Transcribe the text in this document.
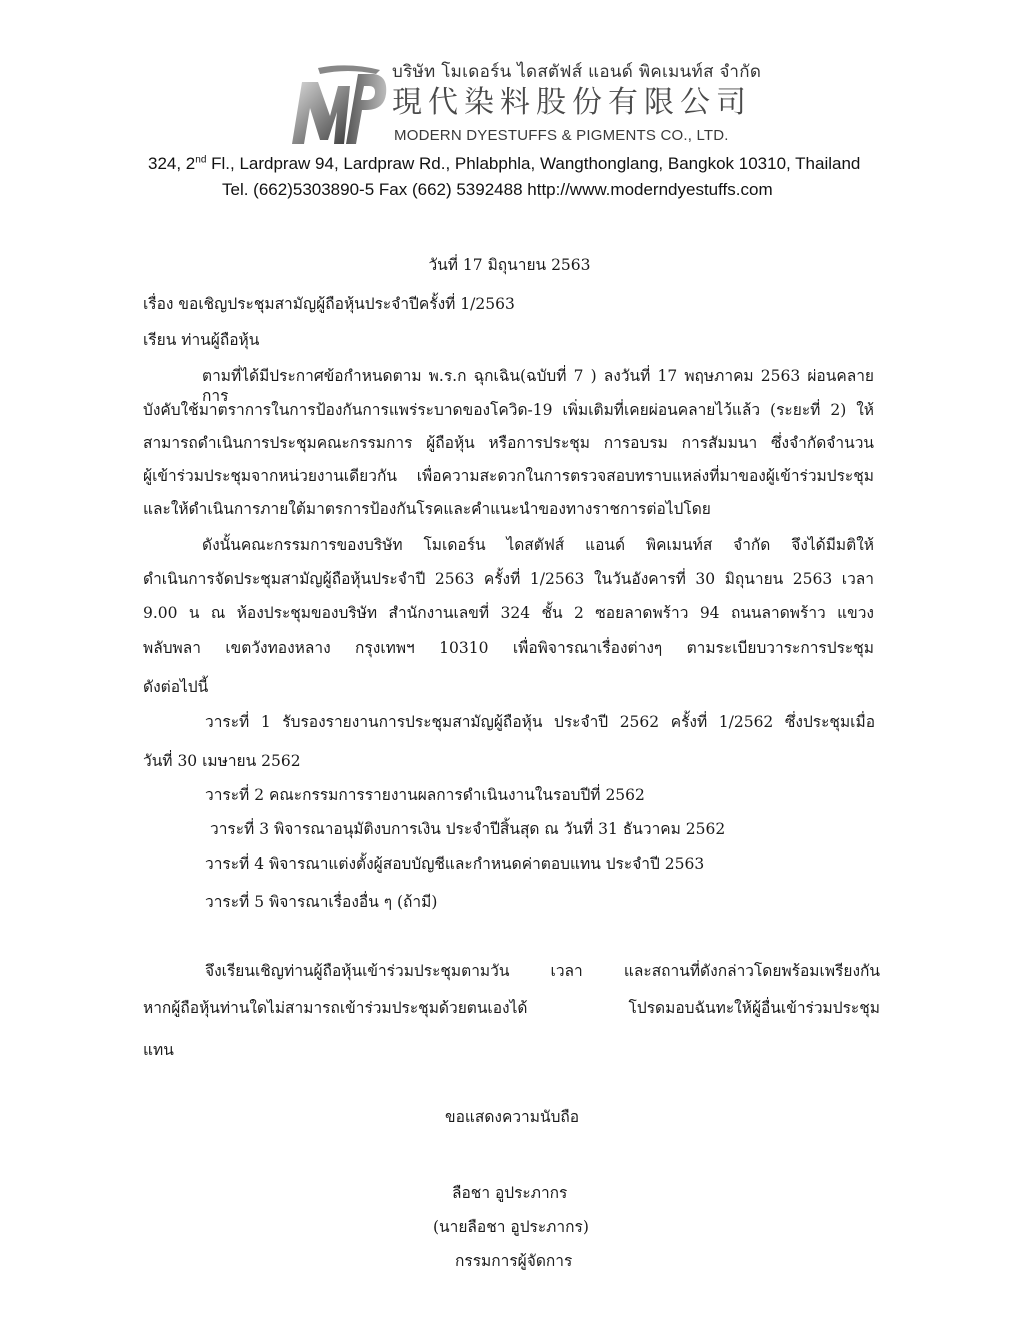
บริษัท โมเดอร์น ไดสตัฟส์ แอนด์ พิคเมนท์ส จำกัด
現代染料股份有限公司
MODERN DYESTUFFS & PIGMENTS CO., LTD.
324, 2nd Fl., Lardpraw 94, Lardpraw Rd., Phlabphla, Wangthonglang, Bangkok 10310, Thailand
Tel. (662)5303890-5 Fax (662) 5392488 http://www.moderndyestuffs.com
วันที่ 17 มิถุนายน 2563
เรื่อง ขอเชิญประชุมสามัญผู้ถือหุ้นประจำปีครั้งที่ 1/2563
เรียน ท่านผู้ถือหุ้น
ตามที่ได้มีประกาศข้อกำหนดตาม พ.ร.ก ฉุกเฉิน(ฉบับที่ 7 ) ลงวันที่ 17 พฤษภาคม 2563 ผ่อนคลายการ
บังคับใช้มาตราการในการป้องกันการแพร่ระบาดของโควิด-19 เพิ่มเติมที่เคยผ่อนคลายไว้แล้ว (ระยะที่ 2) ให้
สามารถดำเนินการประชุมคณะกรรมการ ผู้ถือหุ้น หรือการประชุม การอบรม การสัมมนา ซึ่งจำกัดจำนวน
ผู้เข้าร่วมประชุมจากหน่วยงานเดียวกัน เพื่อความสะดวกในการตรวจสอบทราบแหล่งที่มาของผู้เข้าร่วมประชุม
และให้ดำเนินการภายใต้มาตรการป้องกันโรคและคำแนะนำของทางราชการต่อไปโดย
ดังนั้นคณะกรรมการของบริษัท โมเดอร์น ไดสตัฟส์ แอนด์ พิคเมนท์ส จำกัด จึงได้มีมติให้
ดำเนินการจัดประชุมสามัญผู้ถือหุ้นประจำปี 2563 ครั้งที่ 1/2563 ในวันอังคารที่ 30 มิถุนายน 2563 เวลา
9.00 น ณ ห้องประชุมของบริษัท สำนักงานเลขที่ 324 ชั้น 2 ซอยลาดพร้าว 94 ถนนลาดพร้าว แขวง
พลับพลา เขตวังทองหลาง กรุงเทพฯ 10310 เพื่อพิจารณาเรื่องต่างๆ ตามระเบียบวาระการประชุม
ดังต่อไปนี้
วาระที่ 1 รับรองรายงานการประชุมสามัญผู้ถือหุ้น ประจำปี 2562 ครั้งที่ 1/2562 ซึ่งประชุมเมื่อ
วันที่ 30 เมษายน 2562
วาระที่ 2 คณะกรรมการรายงานผลการดำเนินงานในรอบปีที่ 2562
วาระที่ 3 พิจารณาอนุมัติงบการเงิน ประจำปีสิ้นสุด ณ วันที่ 31 ธันวาคม 2562
วาระที่ 4 พิจารณาแต่งตั้งผู้สอบบัญชีและกำหนดค่าตอบแทน ประจำปี 2563
วาระที่ 5 พิจารณาเรื่องอื่น ๆ (ถ้ามี)
จึงเรียนเชิญท่านผู้ถือหุ้นเข้าร่วมประชุมตามวัน เวลา และสถานที่ดังกล่าวโดยพร้อมเพรียงกัน
หากผู้ถือหุ้นท่านใดไม่สามารถเข้าร่วมประชุมด้วยตนเองได้ โปรดมอบฉันทะให้ผู้อื่นเข้าร่วมประชุม
แทน
ขอแสดงความนับถือ
ลือชา อูประภากร
(นายลือชา อูประภากร)
กรรมการผู้จัดการ
